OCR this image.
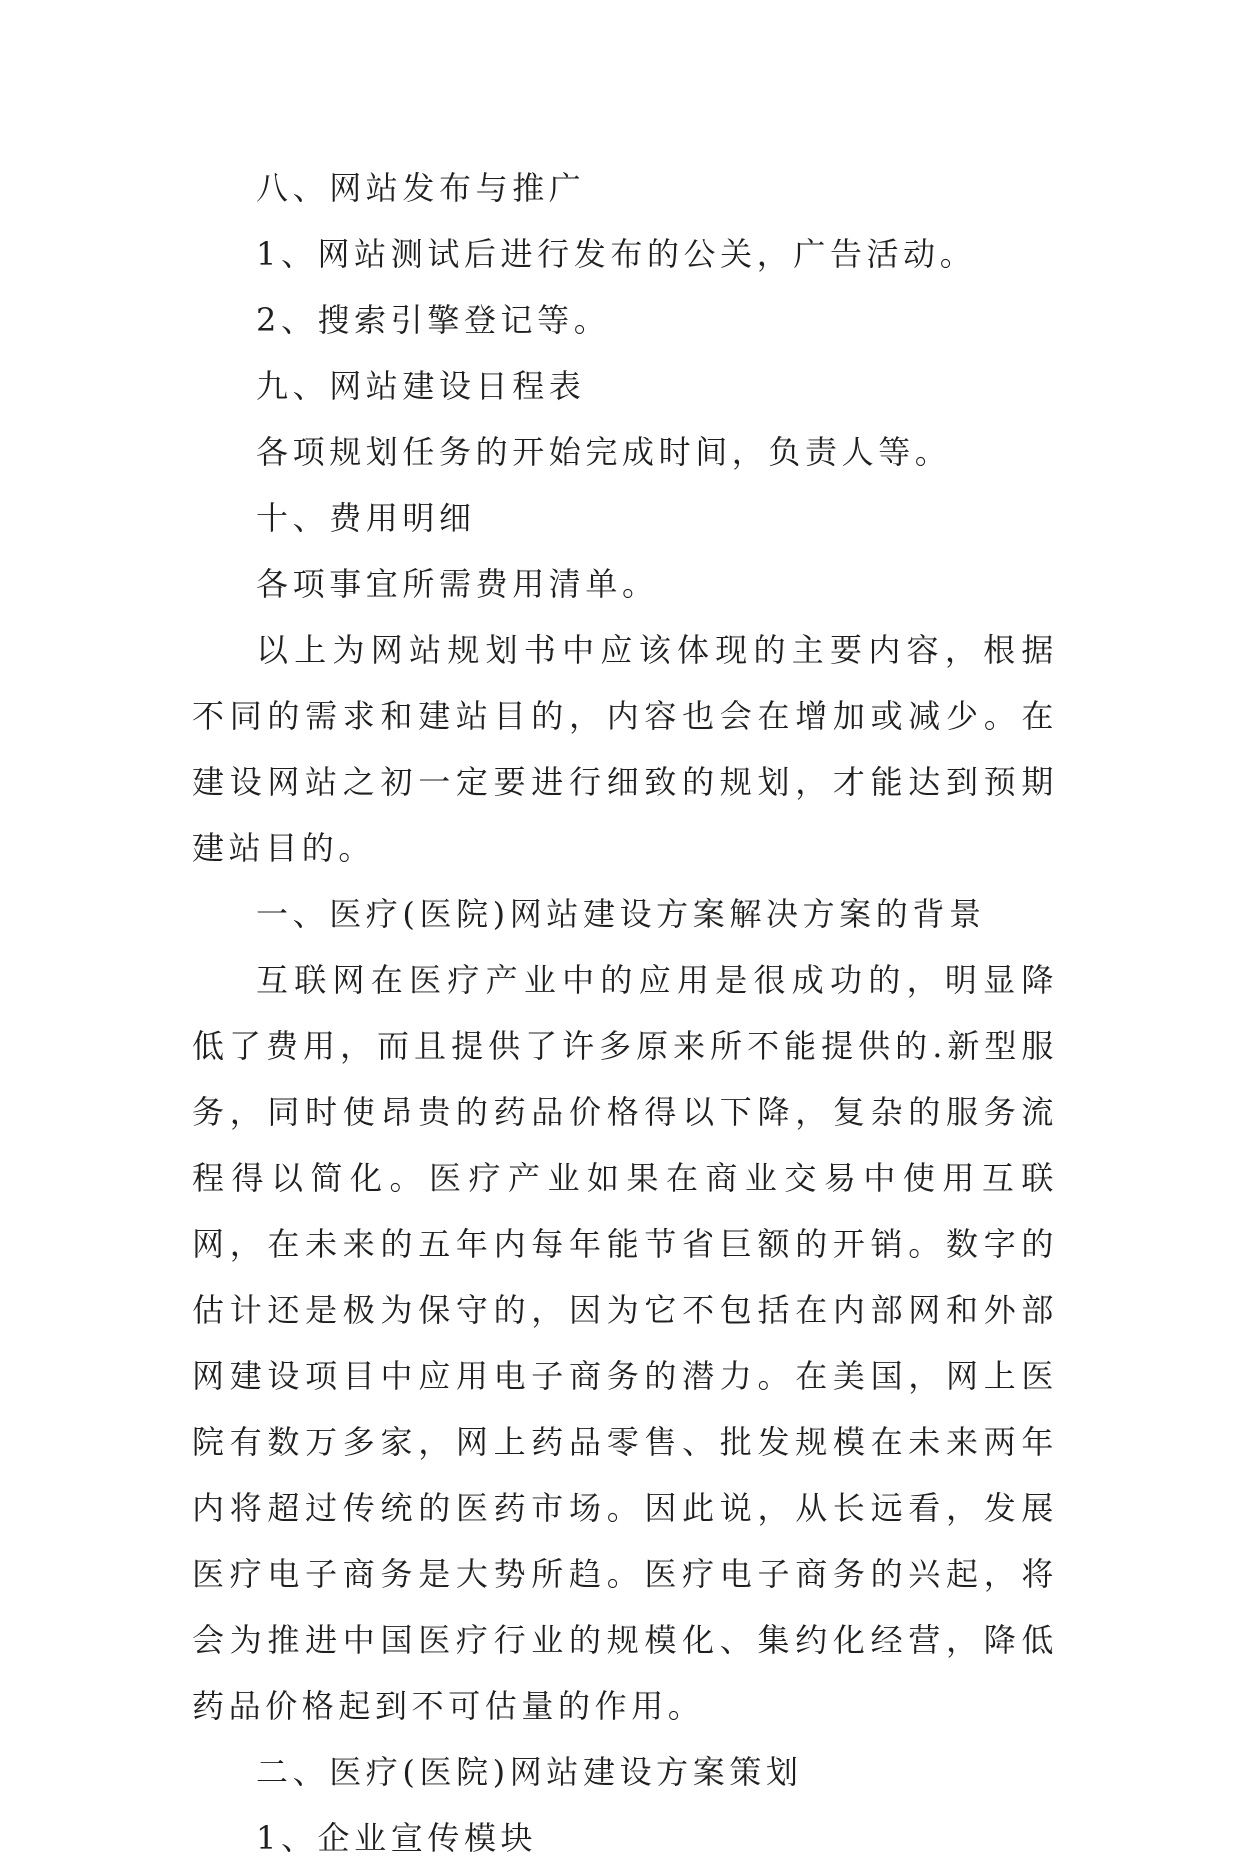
八、网站发布与推广

1、网站测试后进行发布的公关，广告活动。

2、搜索引擎登记等。

九、网站建设日程表

各项规划任务的开始完成时间，负责人等。

十、费用明细

各项事宜所需费用清单。

以上为网站规划书中应该体现的主要内容，根据不同的需求和建站目的，内容也会在增加或减少。在建设网站之初一定要进行细致的规划，才能达到预期建站目的。

一、医疗(医院)网站建设方案解决方案的背景

互联网在医疗产业中的应用是很成功的，明显降低了费用，而且提供了许多原来所不能提供的.新型服务，同时使昂贵的药品价格得以下降，复杂的服务流程得以简化。医疗产业如果在商业交易中使用互联网，在未来的五年内每年能节省巨额的开销。数字的估计还是极为保守的，因为它不包括在内部网和外部网建设项目中应用电子商务的潜力。在美国，网上医院有数万多家，网上药品零售、批发规模在未来两年内将超过传统的医药市场。因此说，从长远看，发展医疗电子商务是大势所趋。医疗电子商务的兴起，将会为推进中国医疗行业的规模化、集约化经营，降低药品价格起到不可估量的作用。

二、医疗(医院)网站建设方案策划

1、企业宣传模块
